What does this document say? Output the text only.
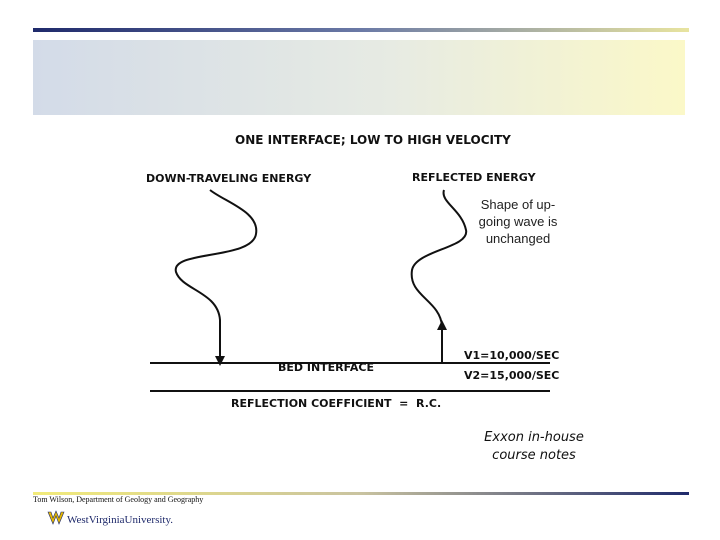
ONE INTERFACE; LOW TO HIGH VELOCITY
DOWN-TRAVELING ENERGY	REFLECTED ENERGY
BED INTERFACE
V1=10,000/SEC
V2=15,000/SEC
REFLECTION COEFFICIENT  =  R.C.
Shape of up-going wave is unchanged
Exxon in-house course notes
Tom Wilson, Department of Geology and Geography
WestVirginiaUniversity.
